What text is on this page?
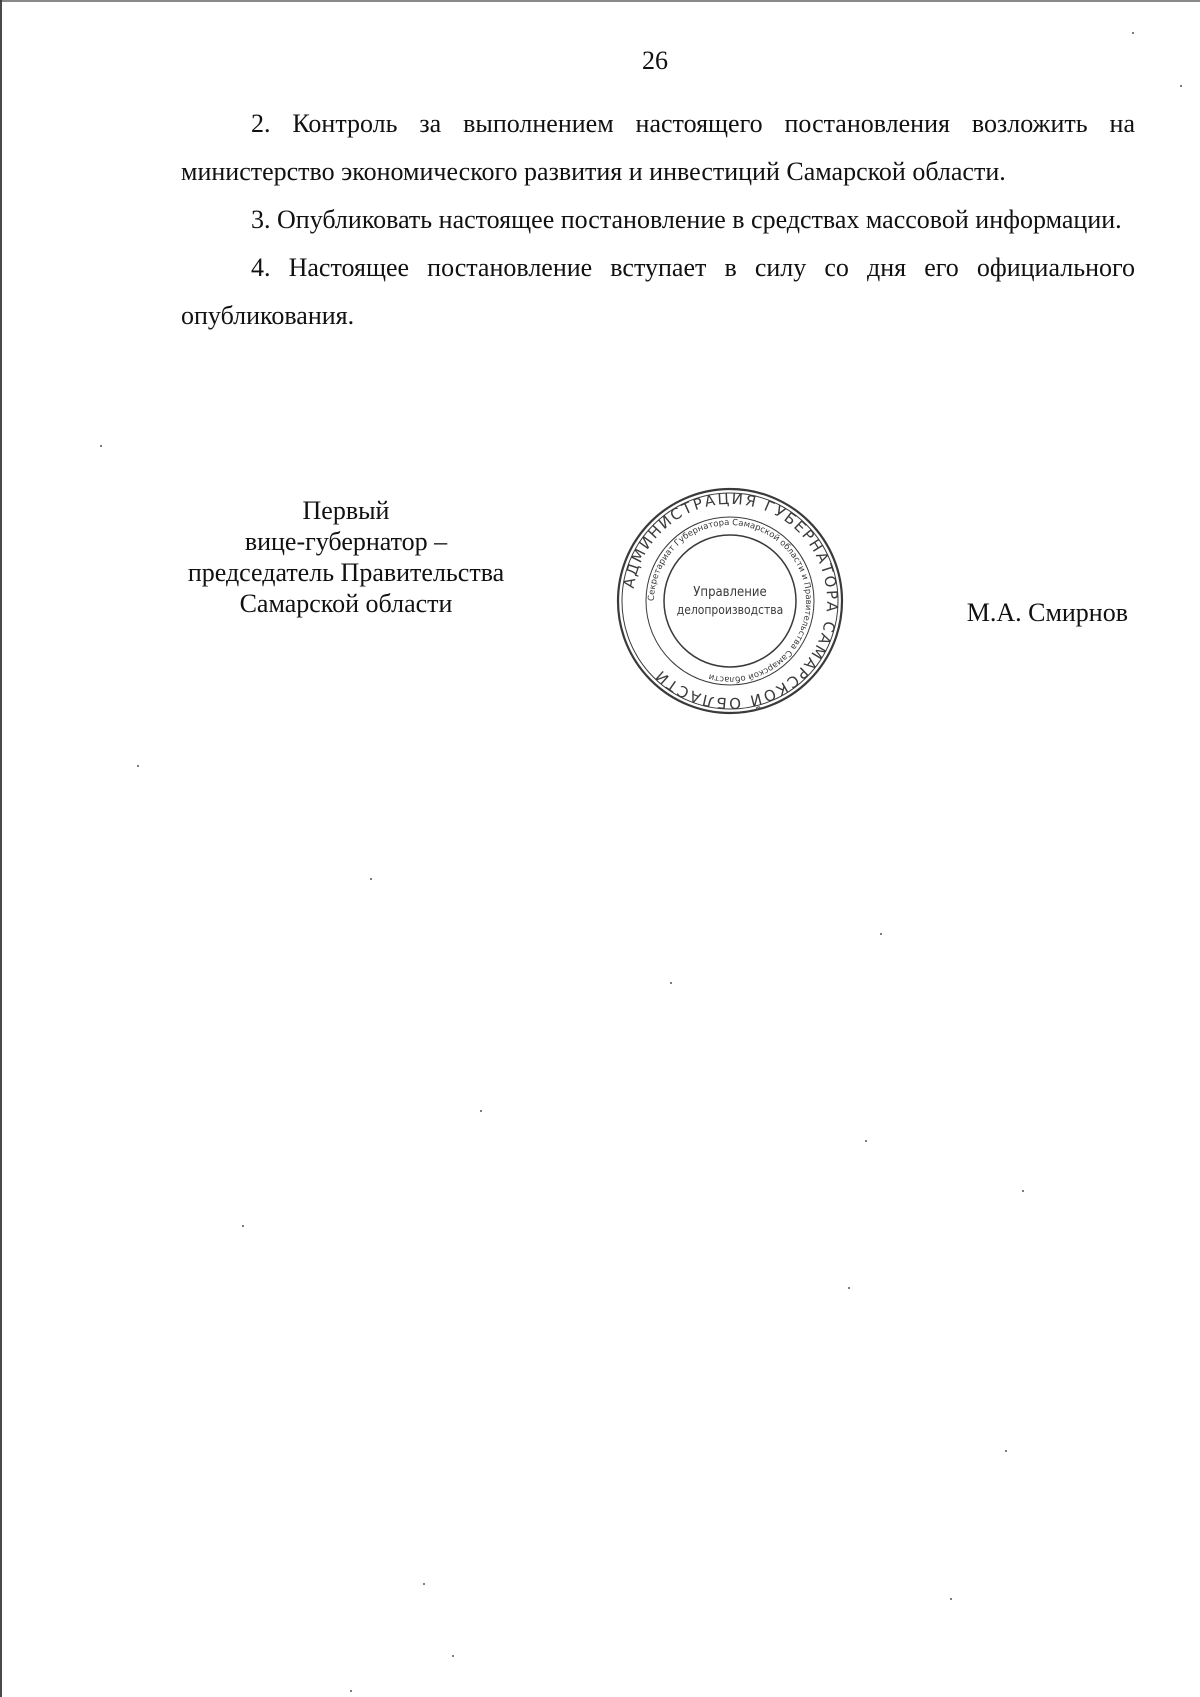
26

2. Контроль за выполнением настоящего постановления возложить на министерство экономического развития и инвестиций Самарской области.

3. Опубликовать настоящее постановление в средствах массовой информации.

4. Настоящее постановление вступает в силу со дня его официального опубликования.

Первый
вице-губернатор –
председатель Правительства
Самарской области	М.А. Смирнов
АДМИНИСТРАЦИЯ ГУБЕРНАТОРА САМАРСКОЙ ОБЛАСТИ
Секретариат Губернатора Самарской области и Правительства Самарской области
Управление
делопроизводства
